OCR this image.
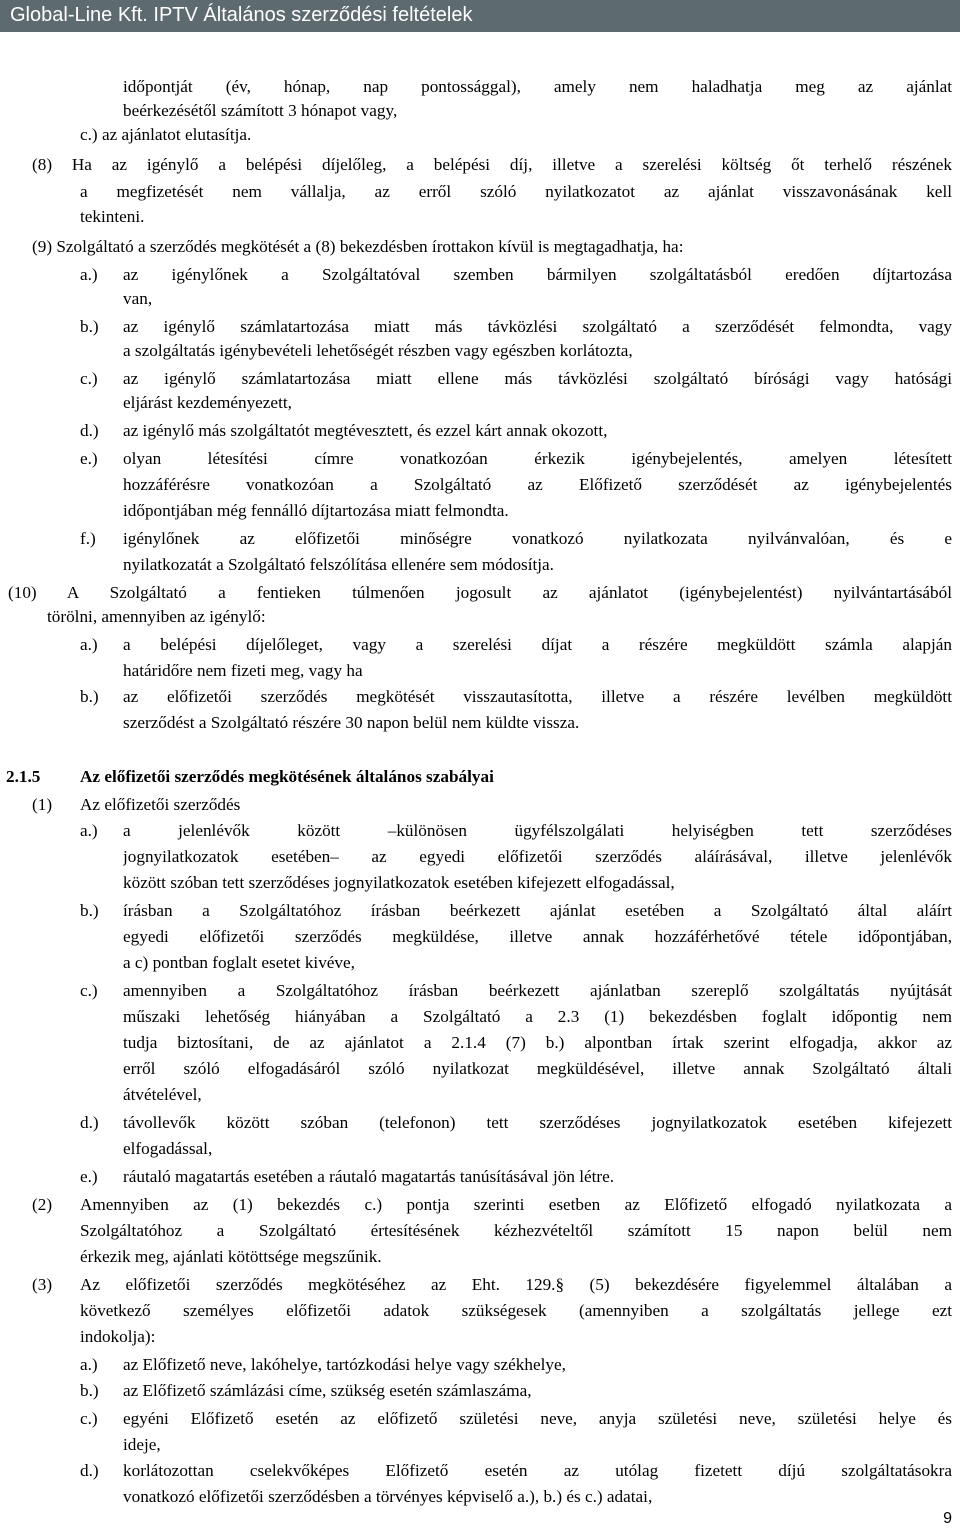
Global-Line Kft. IPTV Általános szerződési feltételek
időpontját (év, hónap, nap pontossággal), amely nem haladhatja meg az ajánlat
beérkezésétől számított 3 hónapot vagy,
c.) az ajánlatot elutasítja.
(8) Ha az igénylő a belépési díjelőleg, a belépési díj, illetve a szerelési költség őt terhelő részének
a megfizetését nem vállalja, az erről szóló nyilatkozatot az ajánlat visszavonásának kell
tekinteni.
(9) Szolgáltató a szerződés megkötését a (8) bekezdésben írottakon kívül is megtagadhatja, ha:
a.) az igénylőnek a Szolgáltatóval szemben bármilyen szolgáltatásból eredően díjtartozása
van,
b.) az igénylő számlatartozása miatt más távközlési szolgáltató a szerződését felmondta, vagy
a szolgáltatás igénybevételi lehetőségét részben vagy egészben korlátozta,
c.) az igénylő számlatartozása miatt ellene más távközlési szolgáltató bírósági vagy hatósági
eljárást kezdeményezett,
d.) az igénylő más szolgáltatót megtévesztett, és ezzel kárt annak okozott,
e.) olyan létesítési címre vonatkozóan érkezik igénybejelentés, amelyen létesített
hozzáférésre vonatkozóan a Szolgáltató az Előfizető szerződését az igénybejelentés
időpontjában még fennálló díjtartozása miatt felmondta.
f.) igénylőnek az előfizetői minőségre vonatkozó nyilatkozata nyilvánvalóan, és e
nyilatkozatát a Szolgáltató felszólítása ellenére sem módosítja.
(10) A Szolgáltató a fentieken túlmenően jogosult az ajánlatot (igénybejelentést) nyilvántartásából
törölni, amennyiben az igénylő:
a.) a belépési díjelőleget, vagy a szerelési díjat a részére megküldött számla alapján
határidőre nem fizeti meg, vagy ha
b.) az előfizetői szerződés megkötését visszautasította, illetve a részére levélben megküldött
szerződést a Szolgáltató részére 30 napon belül nem küldte vissza.
2.1.5 Az előfizetői szerződés megkötésének általános szabályai
(1) Az előfizetői szerződés
a.) a jelenlévők között –különösen ügyfélszolgálati helyiségben tett szerződéses
jognyilatkozatok esetében– az egyedi előfizetői szerződés aláírásával, illetve jelenlévők
között szóban tett szerződéses jognyilatkozatok esetében kifejezett elfogadással,
b.) írásban a Szolgáltatóhoz írásban beérkezett ajánlat esetében a Szolgáltató által aláírt
egyedi előfizetői szerződés megküldése, illetve annak hozzáférhetővé tétele időpontjában,
a c) pontban foglalt esetet kivéve,
c.) amennyiben a Szolgáltatóhoz írásban beérkezett ajánlatban szereplő szolgáltatás nyújtását
műszaki lehetőség hiányában a Szolgáltató a 2.3 (1) bekezdésben foglalt időpontig nem
tudja biztosítani, de az ajánlatot a 2.1.4 (7) b.) alpontban írtak szerint elfogadja, akkor az
erről szóló elfogadásáról szóló nyilatkozat megküldésével, illetve annak Szolgáltató általi
átvételével,
d.) távollevők között szóban (telefonon) tett szerződéses jognyilatkozatok esetében kifejezett
elfogadással,
e.) ráutaló magatartás esetében a ráutaló magatartás tanúsításával jön létre.
(2) Amennyiben az (1) bekezdés c.) pontja szerinti esetben az Előfizető elfogadó nyilatkozata a
Szolgáltatóhoz a Szolgáltató értesítésének kézhezvételtől számított 15 napon belül nem
érkezik meg, ajánlati kötöttsége megszűnik.
(3) Az előfizetői szerződés megkötéséhez az Eht. 129.§ (5) bekezdésére figyelemmel általában a
következő személyes előfizetői adatok szükségesek (amennyiben a szolgáltatás jellege ezt
indokolja):
a.) az Előfizető neve, lakóhelye, tartózkodási helye vagy székhelye,
b.) az Előfizető számlázási címe, szükség esetén számlaszáma,
c.) egyéni Előfizető esetén az előfizető születési neve, anyja születési neve, születési helye és
ideje,
d.) korlátozottan cselekvőképes Előfizető esetén az utólag fizetett díjú szolgáltatásokra
vonatkozó előfizetői szerződésben a törvényes képviselő a.), b.) és c.) adatai,
9
